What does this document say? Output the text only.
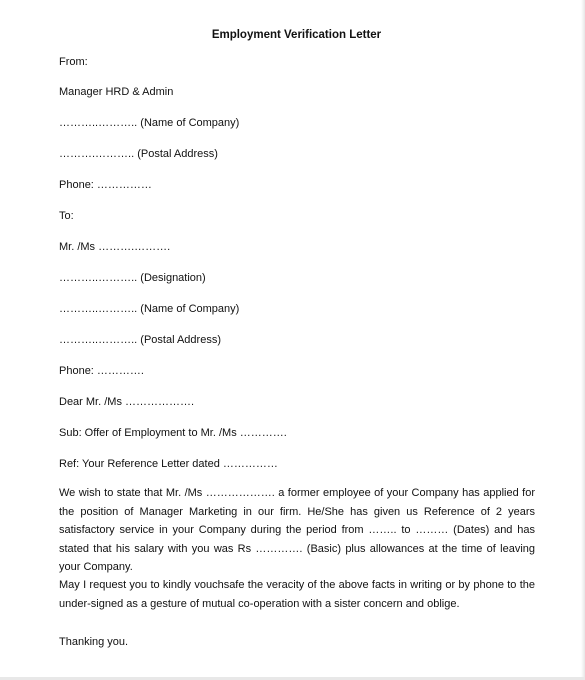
Employment Verification Letter
From:
Manager HRD & Admin
………..……….. (Name of Company)
……….……….. (Postal Address)
Phone: ……………
To:
Mr. /Ms ……….……….
………..……….. (Designation)
………..……….. (Name of Company)
………..……….. (Postal Address)
Phone: ………….
Dear Mr. /Ms ……………….
Sub: Offer of Employment to Mr. /Ms ………….
Ref: Your Reference Letter dated ……………

We wish to state that Mr. /Ms ………………. a former employee of your Company has applied for the position of Manager Marketing in our firm. He/She has given us Reference of 2 years satisfactory service in your Company during the period from …….. to ……… (Dates) and has stated that his salary with you was Rs …………. (Basic) plus allowances at the time of leaving your Company.

May I request you to kindly vouchsafe the veracity of the above facts in writing or by phone to the under-signed as a gesture of mutual co-operation with a sister concern and oblige.

Thanking you.
